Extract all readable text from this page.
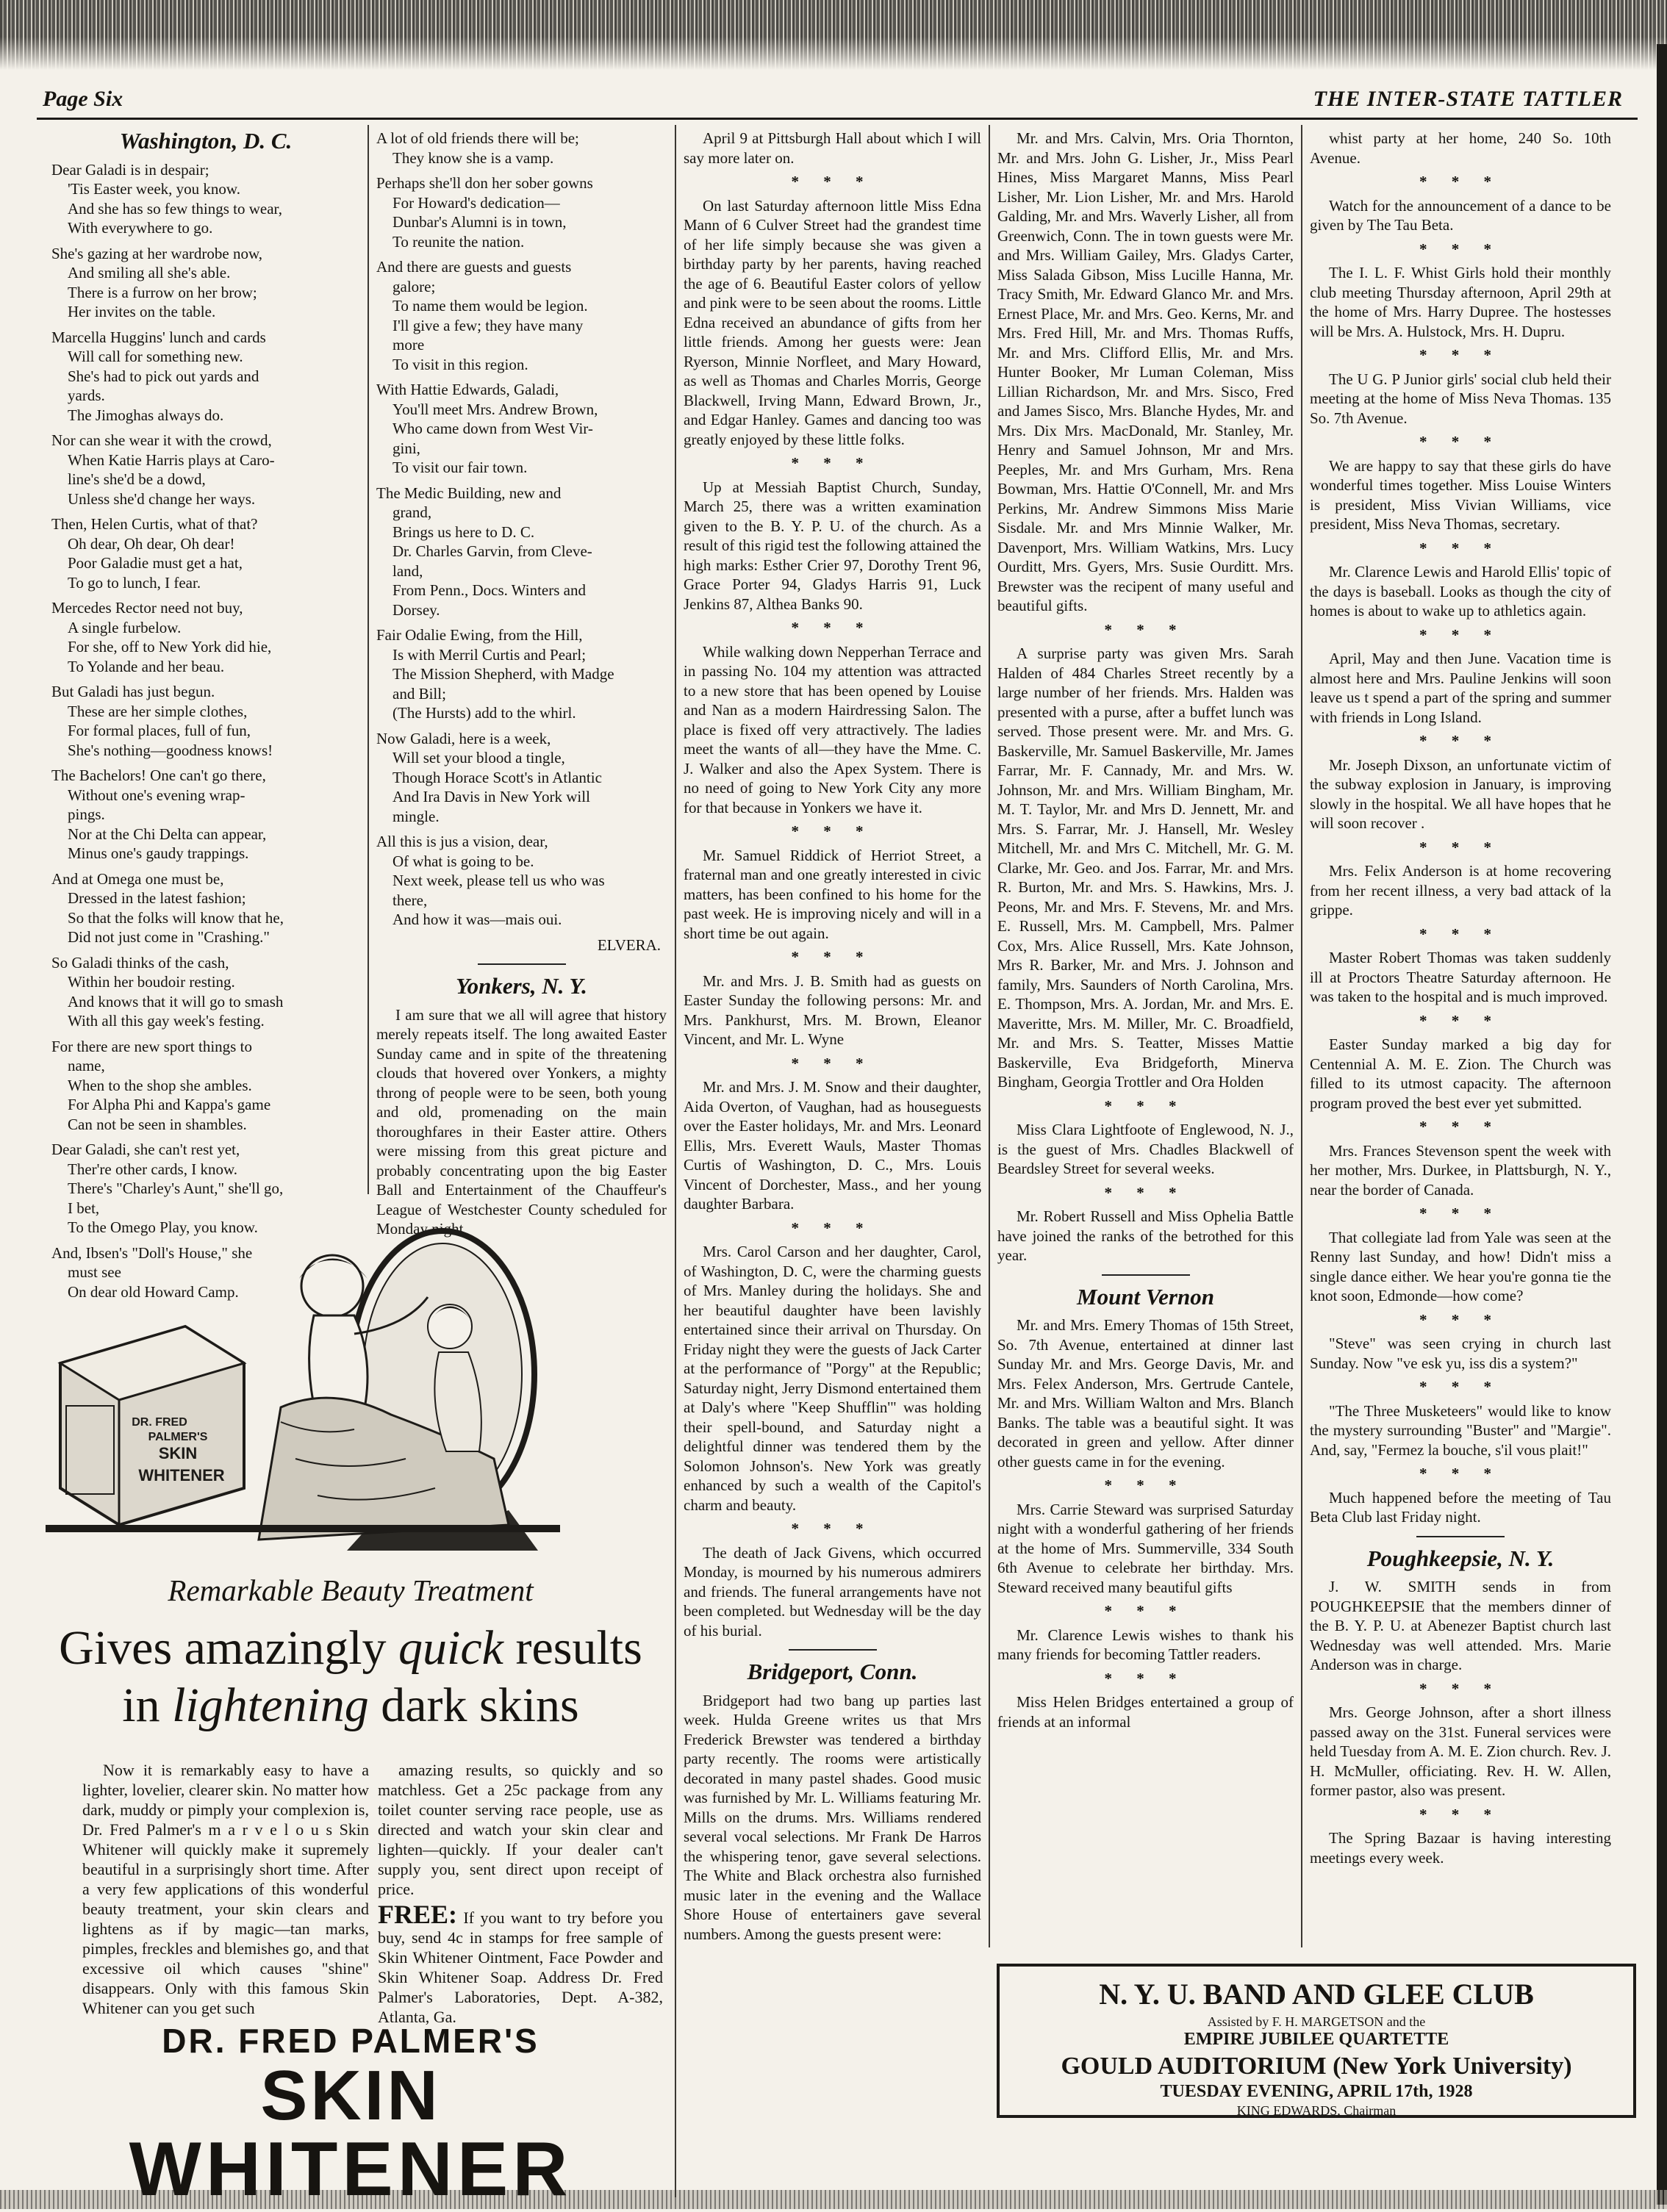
Page Six	THE INTER-STATE TATTLER
Washington, D. C.
Dear Galadi is in despair;
'Tis Easter week, you know.
And she has so few things to wear,
With everywhere to go.
She's gazing at her wardrobe now,
And smiling all she's able.
There is a furrow on her brow;
Her invites on the table.
Marcella Huggins' lunch and cards
Will call for something new.
She's had to pick out yards and
yards.
The Jimoghas always do.
Nor can she wear it with the crowd,
When Katie Harris plays at Caro-
line's she'd be a dowd,
Unless she'd change her ways.
Then, Helen Curtis, what of that?
Oh dear, Oh dear, Oh dear!
Poor Galadie must get a hat,
To go to lunch, I fear.
Mercedes Rector need not buy,
A single furbelow.
For she, off to New York did hie,
To Yolande and her beau.
But Galadi has just begun.
These are her simple clothes,
For formal places, full of fun,
She's nothing—goodness knows!
The Bachelors! One can't go there,
Without one's evening wrap-
pings.
Nor at the Chi Delta can appear,
Minus one's gaudy trappings.
And at Omega one must be,
Dressed in the latest fashion;
So that the folks will know that he,
Did not just come in "Crashing."
So Galadi thinks of the cash,
Within her boudoir resting.
And knows that it will go to smash
With all this gay week's festing.
For there are new sport things to
name,
When to the shop she ambles.
For Alpha Phi and Kappa's game
Can not be seen in shambles.
Dear Galadi, she can't rest yet,
Ther're other cards, I know.
There's "Charley's Aunt," she'll go,
I bet,
To the Omego Play, you know.
And, Ibsen's "Doll's House," she
must see
On dear old Howard Camp.
A lot of old friends there will be;
They know she is a vamp.
Perhaps she'll don her sober gowns
For Howard's dedication—
Dunbar's Alumni is in town,
To reunite the nation.
And there are guests and guests
galore;
To name them would be legion.
I'll give a few; they have many
more
To visit in this region.
With Hattie Edwards, Galadi,
You'll meet Mrs. Andrew Brown,
Who came down from West Vir-
gini,
To visit our fair town.
The Medic Building, new and
grand,
Brings us here to D. C.
Dr. Charles Garvin, from Cleve-
land,
From Penn., Docs. Winters and
Dorsey.
Fair Odalie Ewing, from the Hill,
Is with Merril Curtis and Pearl;
The Mission Shepherd, with Madge
and Bill;
(The Hursts) add to the whirl.
Now Galadi, here is a week,
Will set your blood a tingle,
Though Horace Scott's in Atlantic
And Ira Davis in New York will
mingle.
All this is jus a vision, dear,
Of what is going to be.
Next week, please tell us who was
there,
And how it was—mais oui.
ELVERA.
Yonkers, N. Y.

I am sure that we all will agree that history merely repeats itself. The long awaited Easter Sunday came and in spite of the threatening clouds that hovered over Yonkers, a mighty throng of people were to be seen, both young and old, promenading on the main thoroughfares in their Easter attire. Others were missing from this great picture and probably concentrating upon the big Easter Ball and Entertainment of the Chauffeur's League of Westchester County scheduled for Monday night

April 9 at Pittsburgh Hall about which I will say more later on.

* * *

On last Saturday afternoon little Miss Edna Mann of 6 Culver Street had the grandest time of her life simply because she was given a birthday party by her parents, having reached the age of 6. Beautiful Easter colors of yellow and pink were to be seen about the rooms. Little Edna received an abundance of gifts from her little friends. Among her guests were: Jean Ryerson, Minnie Norfleet, and Mary Howard, as well as Thomas and Charles Morris, George Blackwell, Irving Mann, Edward Brown, Jr., and Edgar Hanley. Games and dancing too was greatly enjoyed by these little folks.

* * *

Up at Messiah Baptist Church, Sunday, March 25, there was a written examination given to the B. Y. P. U. of the church. As a result of this rigid test the following attained the high marks: Esther Crier 97, Dorothy Trent 96, Grace Porter 94, Gladys Harris 91, Luck Jenkins 87, Althea Banks 90.

* * *

While walking down Nepperhan Terrace and in passing No. 104 my attention was attracted to a new store that has been opened by Louise and Nan as a modern Hairdressing Salon. The place is fixed off very attractively. The ladies meet the wants of all—they have the Mme. C. J. Walker and also the Apex System. There is no need of going to New York City any more for that because in Yonkers we have it.

* * *

Mr. Samuel Riddick of Herriot Street, a fraternal man and one greatly interested in civic matters, has been confined to his home for the past week. He is improving nicely and will in a short time be out again.

* * *

Mr. and Mrs. J. B. Smith had as guests on Easter Sunday the following persons: Mr. and Mrs. Pankhurst, Mrs. M. Brown, Eleanor Vincent, and Mr. L. Wyne

* * *

Mr. and Mrs. J. M. Snow and their daughter, Aida Overton, of Vaughan, had as houseguests over the Easter holidays, Mr. and Mrs. Leonard Ellis, Mrs. Everett Wauls, Master Thomas Curtis of Washington, D. C., Mrs. Louis Vincent of Dorchester, Mass., and her young daughter Barbara.

* * *

Mrs. Carol Carson and her daughter, Carol, of Washington, D. C, were the charming guests of Mrs. Manley during the holidays. She and her beautiful daughter have been lavishly entertained since their arrival on Thursday. On Friday night they were the guests of Jack Carter at the performance of "Porgy" at the Republic; Saturday night, Jerry Dismond entertained them at Daly's where "Keep Shufflin'" was holding their spell-bound, and Saturday night a delightful dinner was tendered them by the Solomon Johnson's. New York was greatly enhanced by such a wealth of the Capitol's charm and beauty.

* * *

The death of Jack Givens, which occurred Monday, is mourned by his numerous admirers and friends. The funeral arrangements have not been completed. but Wednesday will be the day of his burial.

Bridgeport, Conn.

Bridgeport had two bang up parties last week. Hulda Greene writes us that Mrs Frederick Brewster was tendered a birthday party recently. The rooms were artistically decorated in many pastel shades. Good music was furnished by Mr. L. Williams featuring Mr. Mills on the drums. Mrs. Williams rendered several vocal selections. Mr Frank De Harros the whispering tenor, gave several selections. The White and Black orchestra also furnished music later in the evening and the Wallace Shore House of entertainers gave several numbers. Among the guests present were:

Mr. and Mrs. Calvin, Mrs. Oria Thornton, Mr. and Mrs. John G. Lisher, Jr., Miss Pearl Hines, Miss Margaret Manns, Miss Pearl Lisher, Mr. Lion Lisher, Mr. and Mrs. Harold Galding, Mr. and Mrs. Waverly Lisher, all from Greenwich, Conn. The in town guests were Mr. and Mrs. William Gailey, Mrs. Gladys Carter, Miss Salada Gibson, Miss Lucille Hanna, Mr. Tracy Smith, Mr. Edward Glanco Mr. and Mrs. Ernest Place, Mr. and Mrs. Geo. Kerns, Mr. and Mrs. Fred Hill, Mr. and Mrs. Thomas Ruffs, Mr. and Mrs. Clifford Ellis, Mr. and Mrs. Hunter Booker, Mr Luman Coleman, Miss Lillian Richardson, Mr. and Mrs. Sisco, Fred and James Sisco, Mrs. Blanche Hydes, Mr. and Mrs. Dix Mrs. MacDonald, Mr. Stanley, Mr. Henry and Samuel Johnson, Mr and Mrs. Peeples, Mr. and Mrs Gurham, Mrs. Rena Bowman, Mrs. Hattie O'Connell, Mr. and Mrs Perkins, Mr. Andrew Simmons Miss Marie Sisdale. Mr. and Mrs Minnie Walker, Mr. Davenport, Mrs. William Watkins, Mrs. Lucy Ourditt, Mrs. Gyers, Mrs. Susie Ourditt. Mrs. Brewster was the recipent of many useful and beautiful gifts.

* * *

A surprise party was given Mrs. Sarah Halden of 484 Charles Street recently by a large number of her friends. Mrs. Halden was presented with a purse, after a buffet lunch was served. Those present were. Mr. and Mrs. G. Baskerville, Mr. Samuel Baskerville, Mr. James Farrar, Mr. F. Cannady, Mr. and Mrs. W. Johnson, Mr. and Mrs. William Bingham, Mr. M. T. Taylor, Mr. and Mrs D. Jennett, Mr. and Mrs. S. Farrar, Mr. J. Hansell, Mr. Wesley Mitchell, Mr. and Mrs C. Mitchell, Mr. G. M. Clarke, Mr. Geo. and Jos. Farrar, Mr. and Mrs. R. Burton, Mr. and Mrs. S. Hawkins, Mrs. J. Peons, Mr. and Mrs. F. Stevens, Mr. and Mrs. E. Russell, Mrs. M. Campbell, Mrs. Palmer Cox, Mrs. Alice Russell, Mrs. Kate Johnson, Mrs R. Barker, Mr. and Mrs. J. Johnson and family, Mrs. Saunders of North Carolina, Mrs. E. Thompson, Mrs. A. Jordan, Mr. and Mrs. E. Maveritte, Mrs. M. Miller, Mr. C. Broadfield, Mr. and Mrs. S. Teatter, Misses Mattie Baskerville, Eva Bridgeforth, Minerva Bingham, Georgia Trottler and Ora Holden

* * *

Miss Clara Lightfoote of Englewood, N. J., is the guest of Mrs. Chadles Blackwell of Beardsley Street for several weeks.

* * *

Mr. Robert Russell and Miss Ophelia Battle have joined the ranks of the betrothed for this year.

Mount Vernon

Mr. and Mrs. Emery Thomas of 15th Street, So. 7th Avenue, entertained at dinner last Sunday Mr. and Mrs. George Davis, Mr. and Mrs. Felex Anderson, Mrs. Gertrude Cantele, Mr. and Mrs. William Walton and Mrs. Blanch Banks. The table was a beautiful sight. It was decorated in green and yellow. After dinner other guests came in for the evening.

* * *

Mrs. Carrie Steward was surprised Saturday night with a wonderful gathering of her friends at the home of Mrs. Summerville, 334 South 6th Avenue to celebrate her birthday. Mrs. Steward received many beautiful gifts

* * *

Mr. Clarence Lewis wishes to thank his many friends for becoming Tattler readers.

* * *

Miss Helen Bridges entertained a group of friends at an informal

whist party at her home, 240 So. 10th Avenue.

* * *

Watch for the announcement of a dance to be given by The Tau Beta.

* * *

The I. L. F. Whist Girls hold their monthly club meeting Thursday afternoon, April 29th at the home of Mrs. Harry Dupree. The hostesses will be Mrs. A. Hulstock, Mrs. H. Dupru.

* * *

The U G. P Junior girls' social club held their meeting at the home of Miss Neva Thomas. 135 So. 7th Avenue.

* * *

We are happy to say that these girls do have wonderful times together. Miss Louise Winters is president, Miss Vivian Williams, vice president, Miss Neva Thomas, secretary.

* * *

Mr. Clarence Lewis and Harold Ellis' topic of the days is baseball. Looks as though the city of homes is about to wake up to athletics again.

* * *

April, May and then June. Vacation time is almost here and Mrs. Pauline Jenkins will soon leave us t spend a part of the spring and summer with friends in Long Island.

* * *

Mr. Joseph Dixson, an unfortunate victim of the subway explosion in January, is improving slowly in the hospital. We all have hopes that he will soon recover .

* * *

Mrs. Felix Anderson is at home recovering from her recent illness, a very bad attack of la grippe.

* * *

Master Robert Thomas was taken suddenly ill at Proctors Theatre Saturday afternoon. He was taken to the hospital and is much improved.

* * *

Easter Sunday marked a big day for Centennial A. M. E. Zion. The Church was filled to its utmost capacity. The afternoon program proved the best ever yet submitted.

* * *

Mrs. Frances Stevenson spent the week with her mother, Mrs. Durkee, in Plattsburgh, N. Y., near the border of Canada.

* * *

That collegiate lad from Yale was seen at the Renny last Sunday, and how! Didn't miss a single dance either. We hear you're gonna tie the knot soon, Edmonde—how come?

* * *

"Steve" was seen crying in church last Sunday. Now "ve esk yu, iss dis a system?"

* * *

"The Three Musketeers" would like to know the mystery surrounding "Buster" and "Margie". And, say, "Fermez la bouche, s'il vous plait!"

* * *

Much happened before the meeting of Tau Beta Club last Friday night.

Poughkeepsie, N. Y.

J. W. SMITH sends in from POUGHKEEPSIE that the members dinner of the B. Y. P. U. at Abenezer Baptist church last Wednesday was well attended. Mrs. Marie Anderson was in charge.

* * *

Mrs. George Johnson, after a short illness passed away on the 31st. Funeral services were held Tuesday from A. M. E. Zion church. Rev. J. H. McMuller, officiating. Rev. H. W. Allen, former pastor, also was present.

* * *

The Spring Bazaar is having interesting meetings every week.

DR. FRED
PALMER'S
SKIN
WHITENER
Remarkable Beauty Treatment
Gives amazingly quick results
in lightening dark skins

Now it is remarkably easy to have a lighter, lovelier, clearer skin. No matter how dark, muddy or pimply your complexion is, Dr. Fred Palmer's m a r v e l o u s Skin Whitener will quickly make it supremely beautiful in a surprisingly short time. After a very few applications of this wonderful beauty treatment, your skin clears and lightens as if by magic—tan marks, pimples, freckles and blemishes go, and that excessive oil which causes "shine" disappears. Only with this famous Skin Whitener can you get such

amazing results, so quickly and so matchless. Get a 25c package from any toilet counter serving race people, use as directed and watch your skin clear and lighten—quickly. If your dealer can't supply you, sent direct upon receipt of price.

FREE: If you want to try before you buy, send 4c in stamps for free sample of Skin Whitener Ointment, Face Powder and Skin Whitener Soap. Address Dr. Fred Palmer's Laboratories, Dept. A-382, Atlanta, Ga.

DR. FRED PALMER'S
SKIN
WHITENER
N. Y. U. BAND AND GLEE CLUB
Assisted by F. H. MARGETSON and the
EMPIRE JUBILEE QUARTETTE
GOULD AUDITORIUM (New York University)
TUESDAY EVENING, APRIL 17th, 1928
KING EDWARDS, Chairman
